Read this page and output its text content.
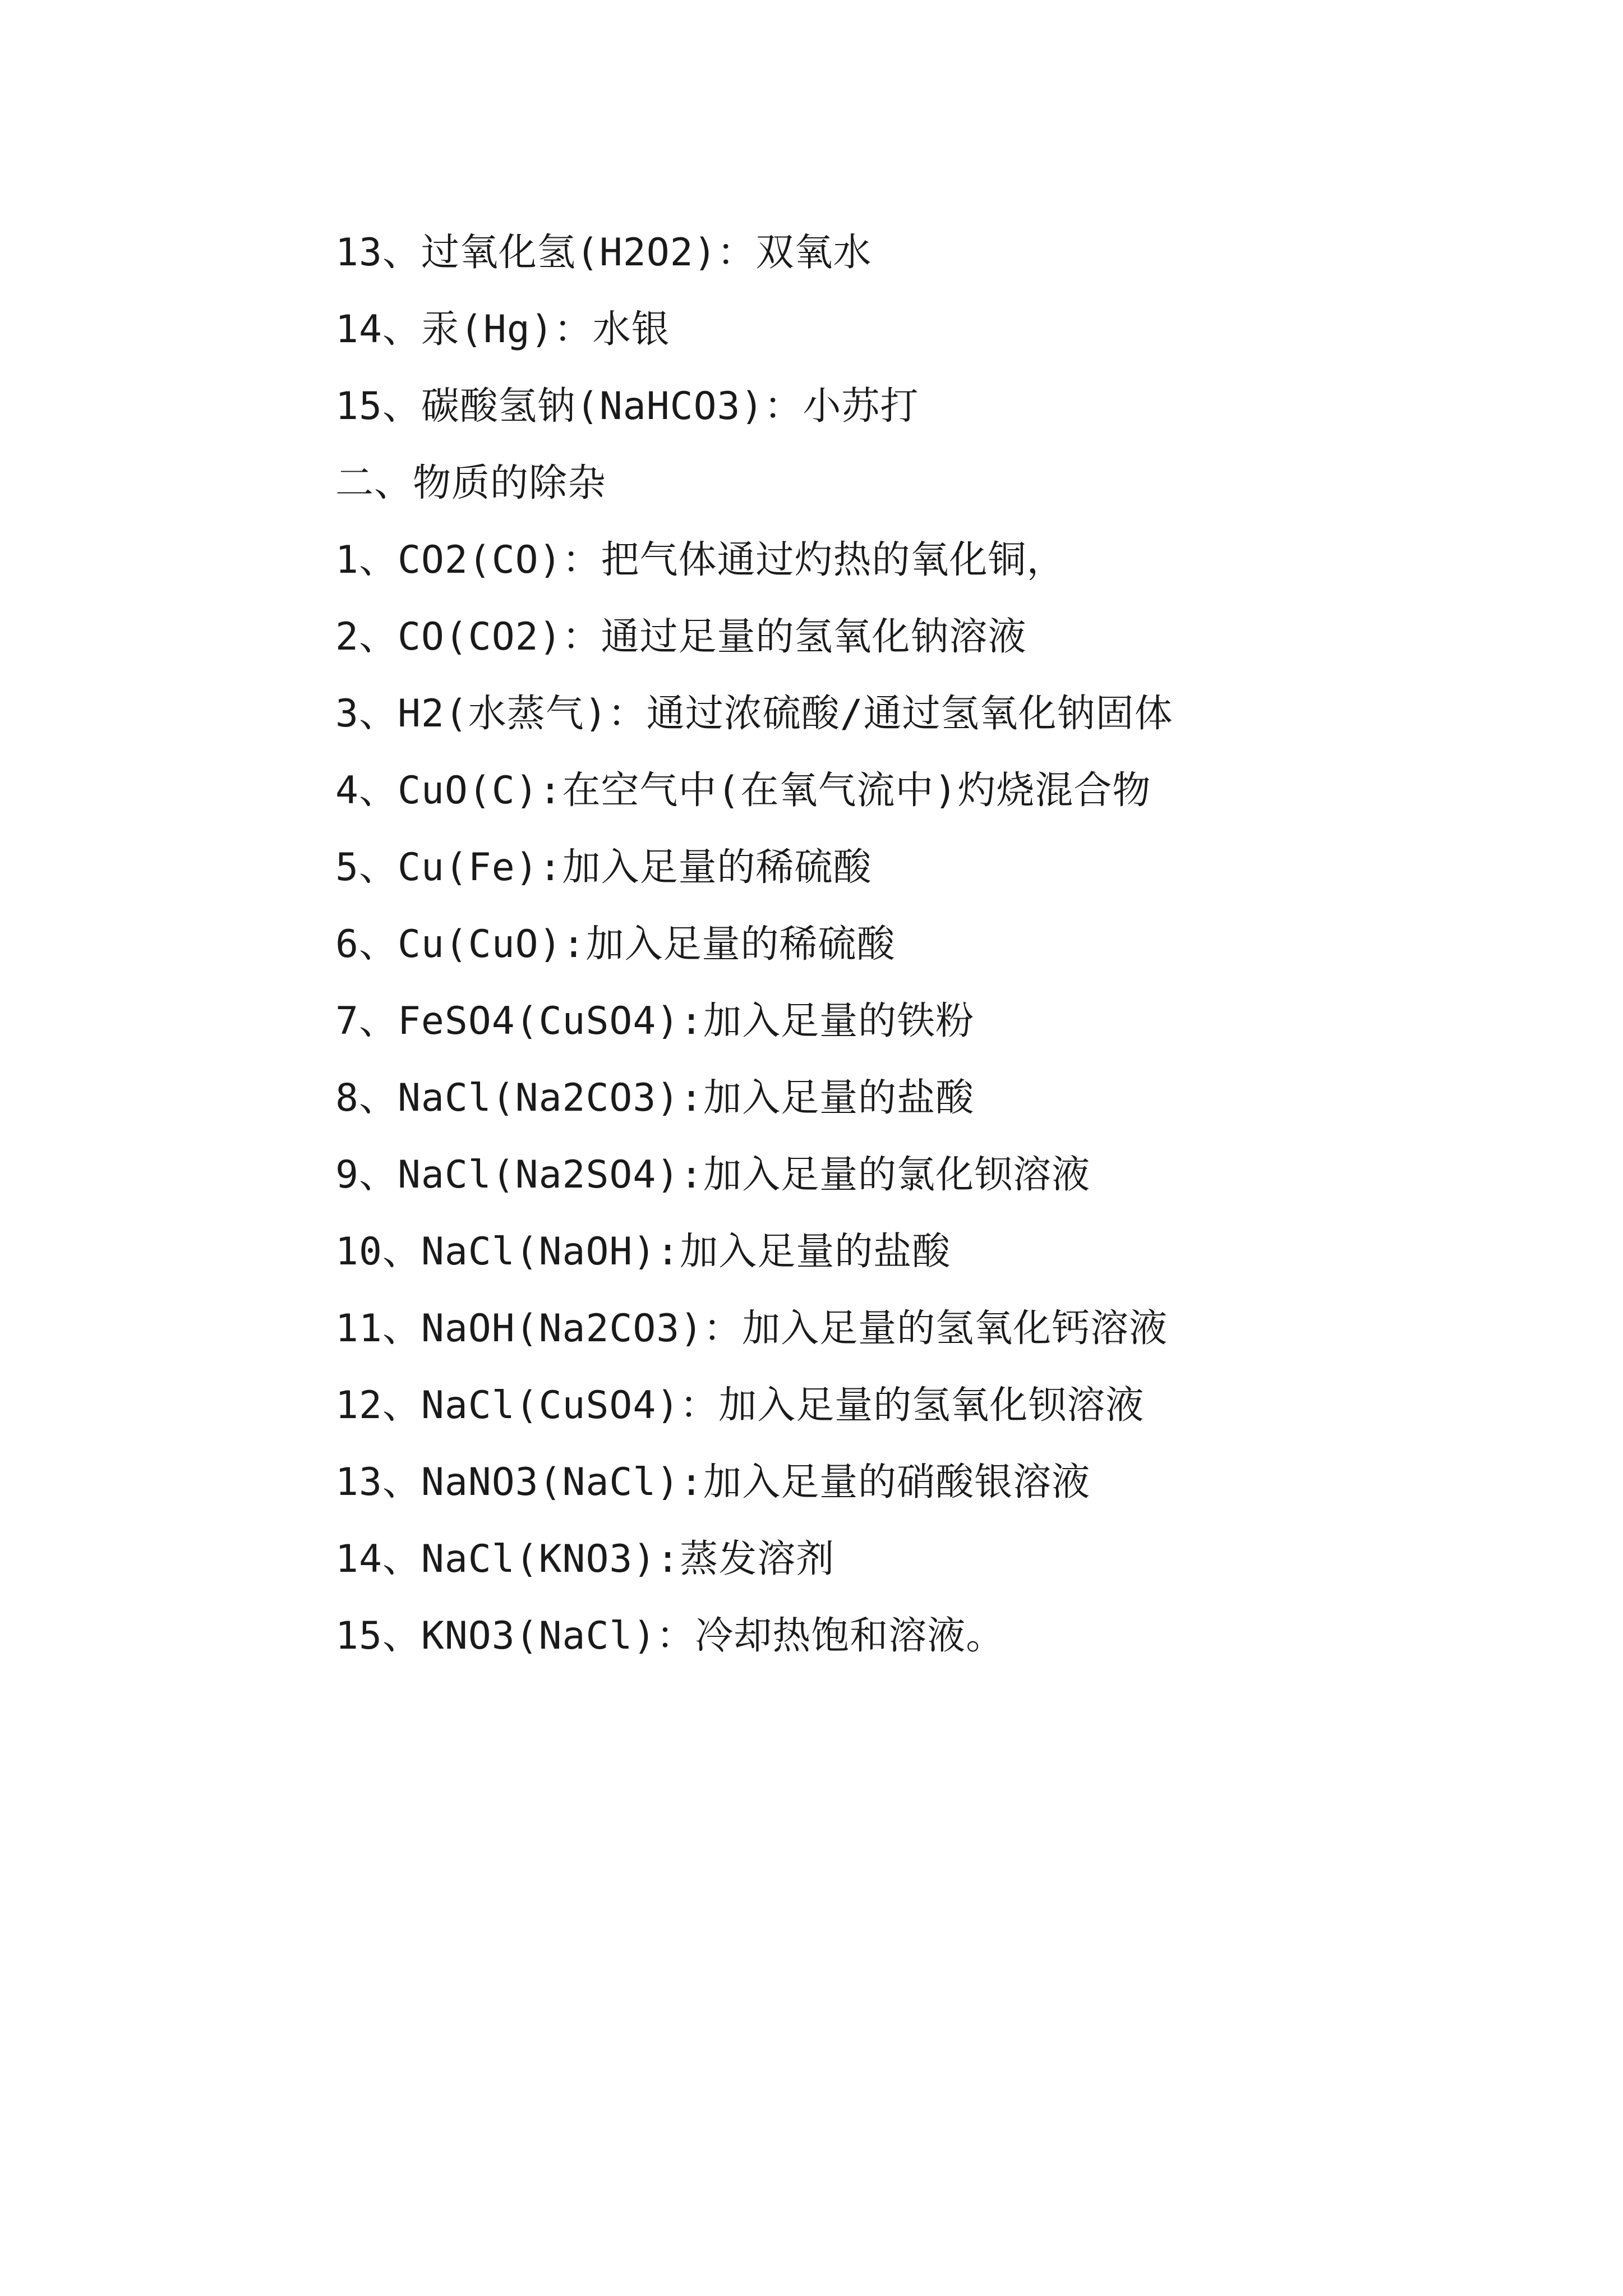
13、过氧化氢(H2O2)：双氧水
14、汞(Hg)：水银
15、碳酸氢钠(NaHCO3)：小苏打
二、物质的除杂
1、CO2(CO)：把气体通过灼热的氧化铜，
2、CO(CO2)：通过足量的氢氧化钠溶液
3、H2(水蒸气)：通过浓硫酸/通过氢氧化钠固体
4、CuO(C):在空气中(在氧气流中)灼烧混合物
5、Cu(Fe):加入足量的稀硫酸
6、Cu(CuO):加入足量的稀硫酸
7、FeSO4(CuSO4):加入足量的铁粉
8、NaCl(Na2CO3):加入足量的盐酸
9、NaCl(Na2SO4):加入足量的氯化钡溶液
10、NaCl(NaOH):加入足量的盐酸
11、NaOH(Na2CO3)：加入足量的氢氧化钙溶液
12、NaCl(CuSO4)：加入足量的氢氧化钡溶液
13、NaNO3(NaCl):加入足量的硝酸银溶液
14、NaCl(KNO3):蒸发溶剂
15、KNO3(NaCl)：冷却热饱和溶液。
